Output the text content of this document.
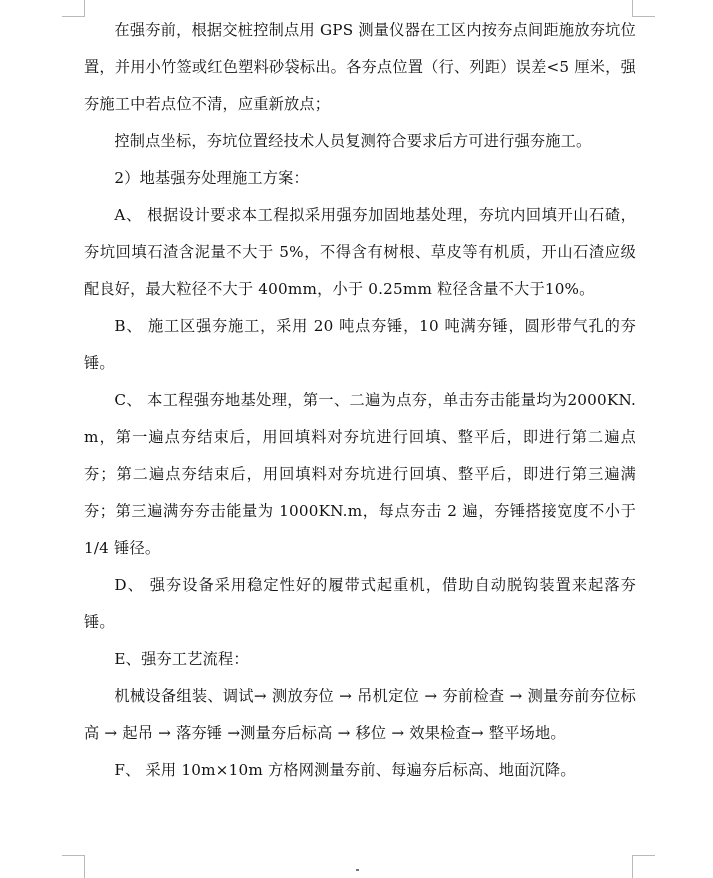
在强夯前，根据交桩控制点用 GPS 测量仪器在工区内按夯点间距施放夯坑位置，并用小竹签或红色塑料砂袋标出。各夯点位置（行、列距）误差<5 厘米，强夯施工中若点位不清，应重新放点；

控制点坐标，夯坑位置经技术人员复测符合要求后方可进行强夯施工。

2）地基强夯处理施工方案：

A、 根据设计要求本工程拟采用强夯加固地基处理，夯坑内回填开山石碴，夯坑回填石渣含泥量不大于 5%，不得含有树根、草皮等有机质，开山石渣应级配良好，最大粒径不大于 400mm，小于 0.25mm 粒径含量不大于10%。

B、 施工区强夯施工，采用 20 吨点夯锤，10 吨满夯锤，圆形带气孔的夯锤。

C、 本工程强夯地基处理，第一、二遍为点夯，单击夯击能量均为2000KN.m，第一遍点夯结束后，用回填料对夯坑进行回填、整平后，即进行第二遍点夯；第二遍点夯结束后，用回填料对夯坑进行回填、整平后，即进行第三遍满夯；第三遍满夯夯击能量为 1000KN.m，每点夯击 2 遍，夯锤搭接宽度不小于 1/4 锤径。

D、 强夯设备采用稳定性好的履带式起重机，借助自动脱钩装置来起落夯锤。

E、强夯工艺流程：

机械设备组装、调试→ 测放夯位 → 吊机定位 → 夯前检查 → 测量夯前夯位标高 → 起吊 → 落夯锤 →测量夯后标高 → 移位 → 效果检查→ 整平场地。

F、 采用 10m×10m 方格网测量夯前、每遍夯后标高、地面沉降。
